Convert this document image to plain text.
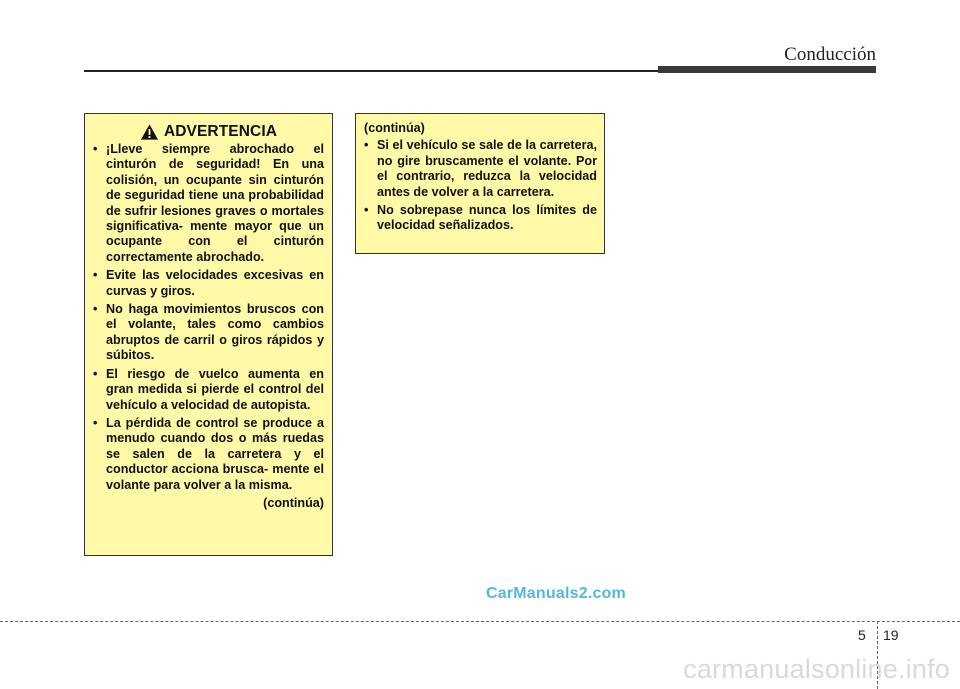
Conducción
ADVERTENCIA
• ¡Lleve siempre abrochado el cinturón de seguridad! En una colisión, un ocupante sin cinturón de seguridad tiene una probabilidad de sufrir lesiones graves o mortales significativa- mente mayor que un ocupante con el cinturón correctamente abrochado.
• Evite las velocidades excesivas en curvas y giros.
• No haga movimientos bruscos con el volante, tales como cambios abruptos de carril o giros rápidos y súbitos.
• El riesgo de vuelco aumenta en gran medida si pierde el control del vehículo a velocidad de autopista.
• La pérdida de control se produce a menudo cuando dos o más ruedas se salen de la carretera y el conductor acciona brusca- mente el volante para volver a la misma.
(continúa)
(continúa)
• Si el vehículo se sale de la carretera, no gire bruscamente el volante. Por el contrario, reduzca la velocidad antes de volver a la carretera.
• No sobrepase nunca los límites de velocidad señalizados.
CarManuals2.com
5 19
carmanualsonline.info
